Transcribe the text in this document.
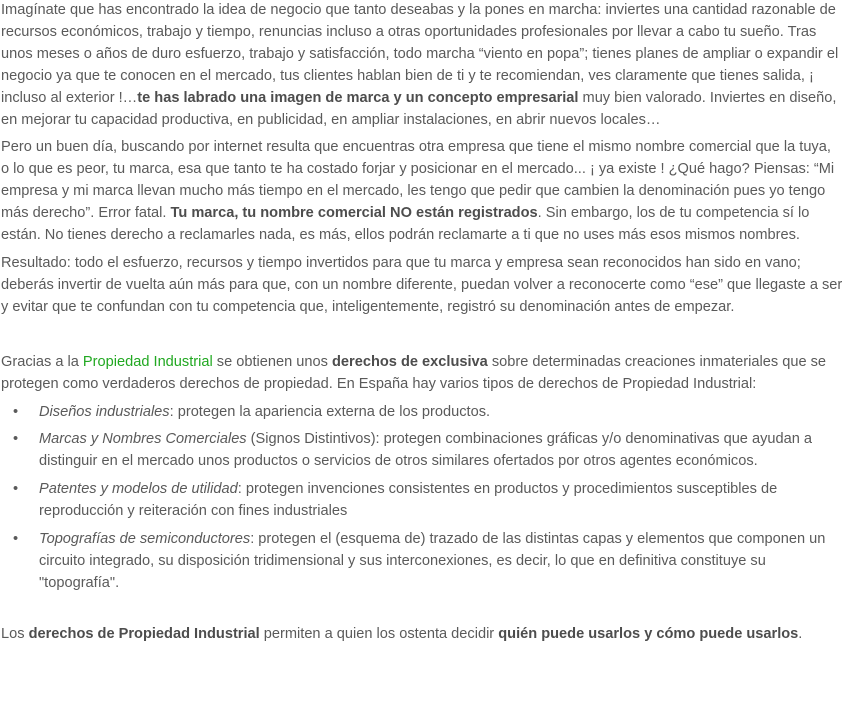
Imagínate que has encontrado la idea de negocio que tanto deseabas y la pones en marcha: inviertes una cantidad razonable de recursos económicos, trabajo y tiempo, renuncias incluso a otras oportunidades profesionales por llevar a cabo tu sueño. Tras unos meses o años de duro esfuerzo, trabajo y satisfacción, todo marcha “viento en popa”; tienes planes de ampliar o expandir el negocio ya que te conocen en el mercado, tus clientes hablan bien de ti y te recomiendan, ves claramente que tienes salida, ¡ incluso al exterior !…te has labrado una imagen de marca y un concepto empresarial muy bien valorado. Inviertes en diseño, en mejorar tu capacidad productiva, en publicidad, en ampliar instalaciones, en abrir nuevos locales…

Pero un buen día, buscando por internet resulta que encuentras otra empresa que tiene el mismo nombre comercial que la tuya, o lo que es peor, tu marca, esa que tanto te ha costado forjar y posicionar en el mercado... ¡ ya existe ! ¿Qué hago? Piensas: “Mi empresa y mi marca llevan mucho más tiempo en el mercado, les tengo que pedir que cambien la denominación pues yo tengo más derecho”. Error fatal. Tu marca, tu nombre comercial NO están registrados. Sin embargo, los de tu competencia sí lo están. No tienes derecho a reclamarles nada, es más, ellos podrán reclamarte a ti que no uses más esos mismos nombres.

Resultado: todo el esfuerzo, recursos y tiempo invertidos para que tu marca y empresa sean reconocidos han sido en vano; deberás invertir de vuelta aún más para que, con un nombre diferente, puedan volver a reconocerte como “ese” que llegaste a ser y evitar que te confundan con tu competencia que, inteligentemente, registró su denominación antes de empezar.

Gracias a la Propiedad Industrial se obtienen unos derechos de exclusiva sobre determinadas creaciones inmateriales que se protegen como verdaderos derechos de propiedad. En España hay varios tipos de derechos de Propiedad Industrial:

• Diseños industriales: protegen la apariencia externa de los productos.
• Marcas y Nombres Comerciales (Signos Distintivos): protegen combinaciones gráficas y/o denominativas que ayudan a distinguir en el mercado unos productos o servicios de otros similares ofertados por otros agentes económicos.
• Patentes y modelos de utilidad: protegen invenciones consistentes en productos y procedimientos susceptibles de reproducción y reiteración con fines industriales
• Topografías de semiconductores: protegen el (esquema de) trazado de las distintas capas y elementos que componen un circuito integrado, su disposición tridimensional y sus interconexiones, es decir, lo que en definitiva constituye su "topografía".

Los derechos de Propiedad Industrial permiten a quien los ostenta decidir quién puede usarlos y cómo puede usarlos.
